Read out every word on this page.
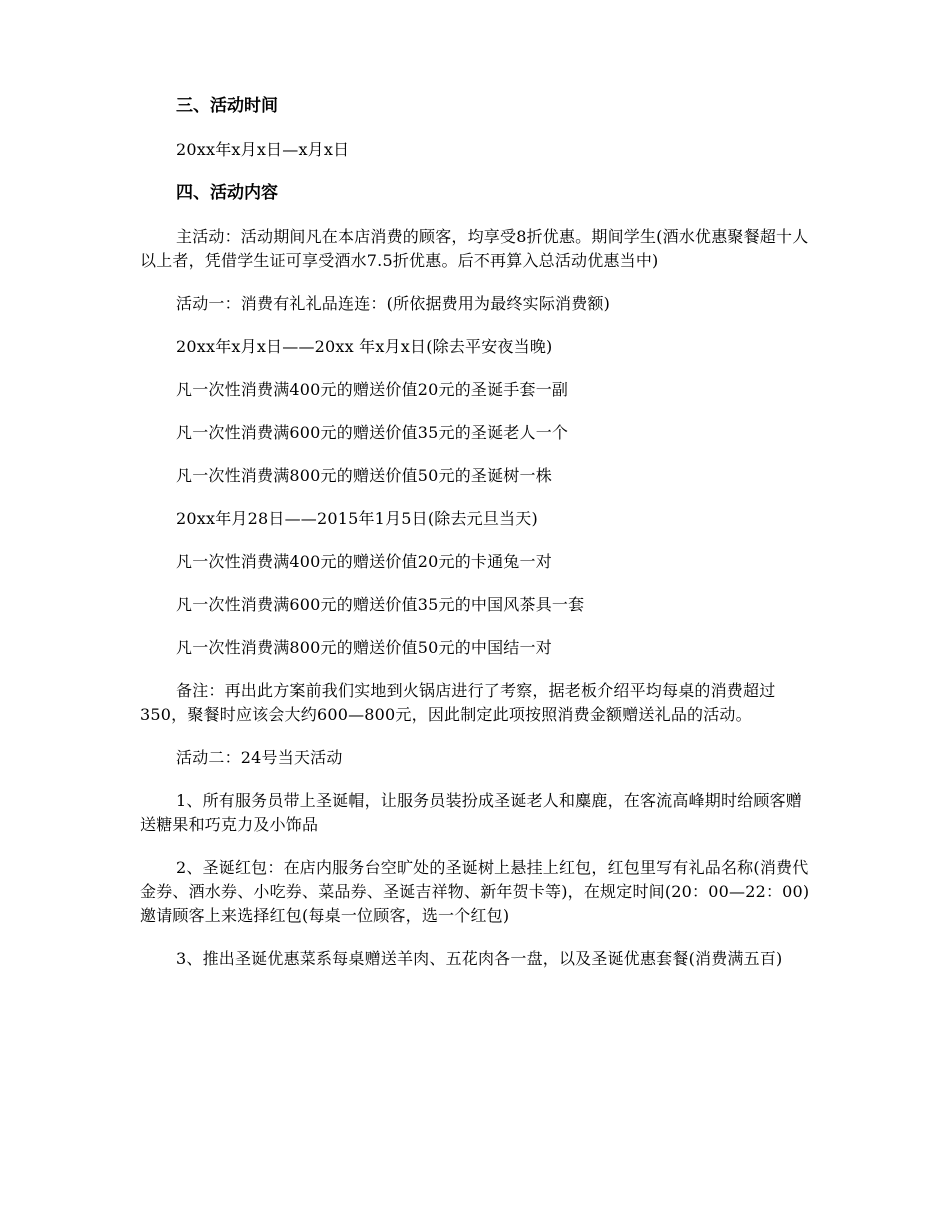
三、活动时间
20xx年x月x日—x月x日
四、活动内容
主活动：活动期间凡在本店消费的顾客，均享受8折优惠。期间学生(酒水优惠聚餐超十人以上者，凭借学生证可享受酒水7.5折优惠。后不再算入总活动优惠当中)
活动一：消费有礼礼品连连：(所依据费用为最终实际消费额)
20xx年x月x日——20xx 年x月x日(除去平安夜当晚)
凡一次性消费满400元的赠送价值20元的圣诞手套一副
凡一次性消费满600元的赠送价值35元的圣诞老人一个
凡一次性消费满800元的赠送价值50元的圣诞树一株
20xx年月28日——2015年1月5日(除去元旦当天)
凡一次性消费满400元的赠送价值20元的卡通兔一对
凡一次性消费满600元的赠送价值35元的中国风茶具一套
凡一次性消费满800元的赠送价值50元的中国结一对
备注：再出此方案前我们实地到火锅店进行了考察，据老板介绍平均每桌的消费超过350，聚餐时应该会大约600—800元，因此制定此项按照消费金额赠送礼品的活动。
活动二：24号当天活动
1、所有服务员带上圣诞帽，让服务员装扮成圣诞老人和麋鹿，在客流高峰期时给顾客赠送糖果和巧克力及小饰品
2、圣诞红包：在店内服务台空旷处的圣诞树上悬挂上红包，红包里写有礼品名称(消费代金券、酒水券、小吃券、菜品券、圣诞吉祥物、新年贺卡等)，在规定时间(20：00—22：00)邀请顾客上来选择红包(每桌一位顾客，选一个红包)
3、推出圣诞优惠菜系每桌赠送羊肉、五花肉各一盘，以及圣诞优惠套餐(消费满五百)
